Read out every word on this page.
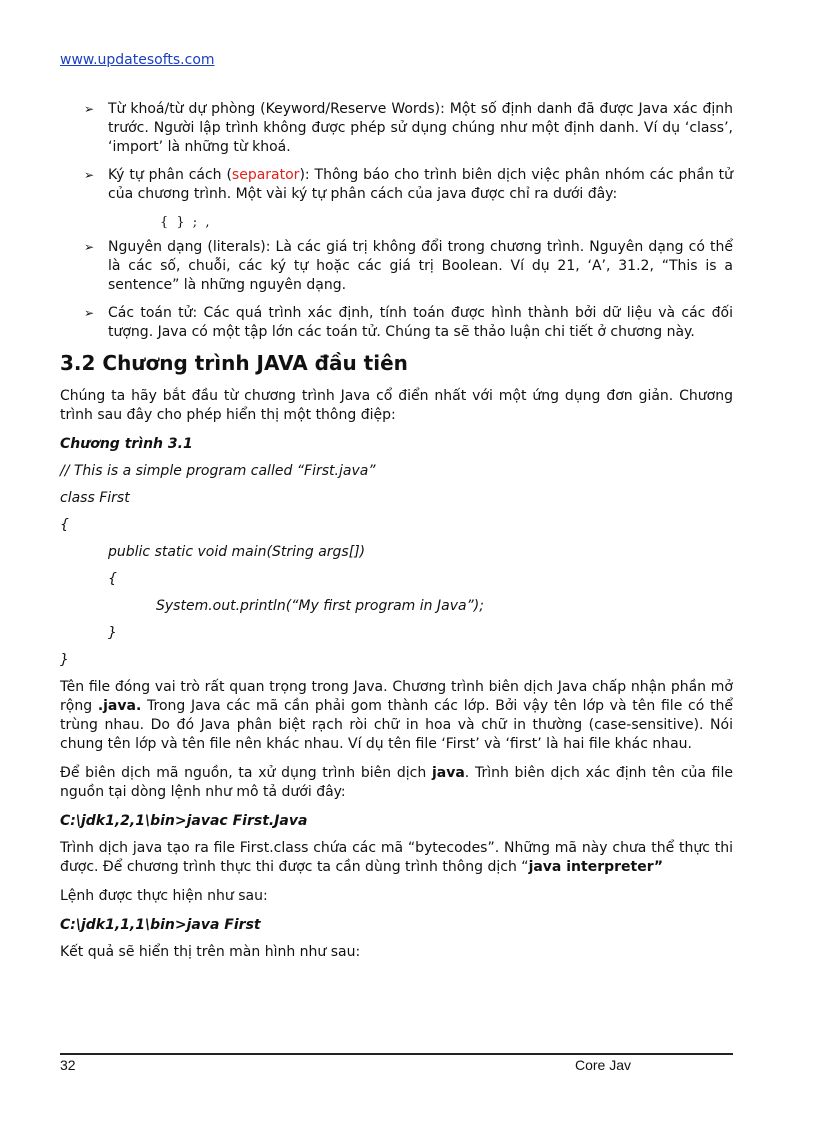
www.updatesofts.com
➢ Từ khoá/từ dự phòng (Keyword/Reserve Words): Một số định danh đã được Java xác định trước. Người lập trình không được phép sử dụng chúng như một định danh. Ví dụ ‘class’, ‘import’ là những từ khoá.
➢ Ký tự phân cách (separator): Thông báo cho trình biên dịch việc phân nhóm các phần tử của chương trình. Một vài ký tự phân cách của java được chỉ ra dưới đây:
{ } ; ,
➢ Nguyên dạng (literals): Là các giá trị không đổi trong chương trình. Nguyên dạng có thể là các số, chuỗi, các ký tự hoặc các giá trị Boolean. Ví dụ 21, ‘A’, 31.2, “This is a sentence” là những nguyên dạng.
➢ Các toán tử: Các quá trình xác định, tính toán được hình thành bởi dữ liệu và các đối tượng. Java có một tập lớn các toán tử. Chúng ta sẽ thảo luận chi tiết ở chương này.
3.2 Chương trình JAVA đầu tiên

Chúng ta hãy bắt đầu từ chương trình Java cổ điển nhất với một ứng dụng đơn giản. Chương trình sau đây cho phép hiển thị một thông điệp:

Chương trình 3.1
// This is a simple program called “First.java”
class First
{
public static void main(String args[])
{
System.out.println(“My first program in Java”);
}
}

Tên file đóng vai trò rất quan trọng trong Java. Chương trình biên dịch Java chấp nhận phần mở rộng .java. Trong Java các mã cần phải gom thành các lớp. Bởi vậy tên lớp và tên file có thể trùng nhau. Do đó Java phân biệt rạch ròi chữ in hoa và chữ in thường (case-sensitive). Nói chung tên lớp và tên file nên khác nhau. Ví dụ tên file ‘First’ và ‘first’ là hai file khác nhau.

Để biên dịch mã nguồn, ta xử dụng trình biên dịch java. Trình biên dịch xác định tên của file nguồn tại dòng lệnh như mô tả dưới đây:

C:\jdk1,2,1\bin>javac First.Java

Trình dịch java tạo ra file First.class chứa các mã “bytecodes”. Những mã này chưa thể thực thi được. Để chương trình thực thi được ta cần dùng trình thông dịch “java interpreter”

Lệnh được thực hiện như sau:

C:\jdk1,1,1\bin>java First

Kết quả sẽ hiển thị trên màn hình như sau:

32	Core Jav
